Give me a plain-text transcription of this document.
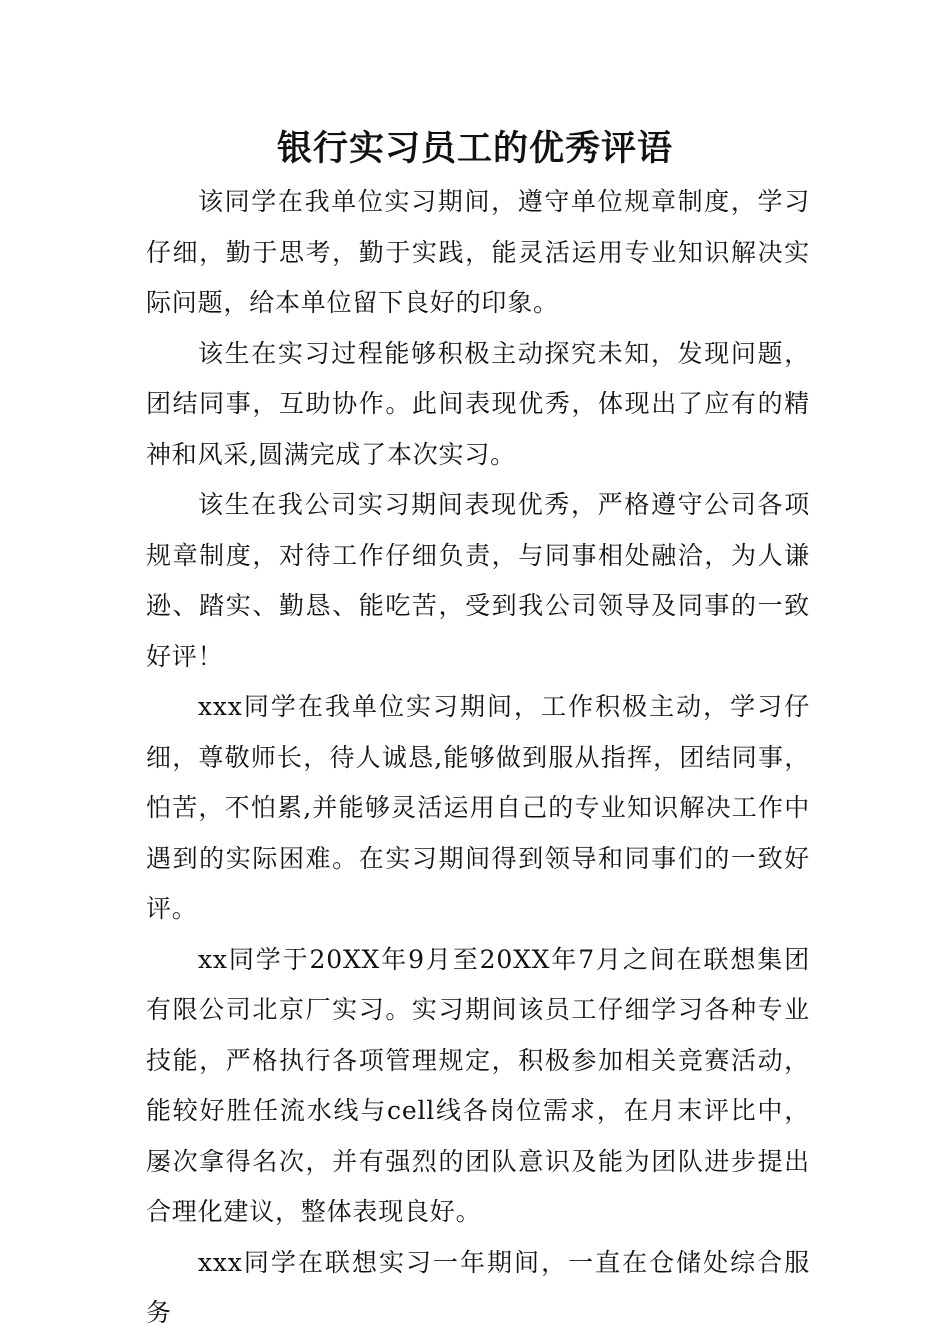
银行实习员工的优秀评语

该同学在我单位实习期间，遵守单位规章制度，学习仔细，勤于思考，勤于实践，能灵活运用专业知识解决实际问题，给本单位留下良好的印象。

该生在实习过程能够积极主动探究未知，发现问题，团结同事，互助协作。此间表现优秀，体现出了应有的精神和风采,圆满完成了本次实习。

该生在我公司实习期间表现优秀，严格遵守公司各项规章制度，对待工作仔细负责，与同事相处融洽，为人谦逊、踏实、勤恳、能吃苦，受到我公司领导及同事的一致好评！

xxx同学在我单位实习期间，工作积极主动，学习仔细，尊敬师长，待人诚恳,能够做到服从指挥，团结同事，怕苦，不怕累,并能够灵活运用自己的专业知识解决工作中遇到的实际困难。在实习期间得到领导和同事们的一致好评。

xx同学于20XX年9月至20XX年7月之间在联想集团有限公司北京厂实习。实习期间该员工仔细学习各种专业技能，严格执行各项管理规定，积极参加相关竞赛活动，能较好胜任流水线与cell线各岗位需求，在月末评比中，屡次拿得名次，并有强烈的团队意识及能为团队进步提出合理化建议，整体表现良好。

xxx同学在联想实习一年期间，一直在仓储处综合服务
